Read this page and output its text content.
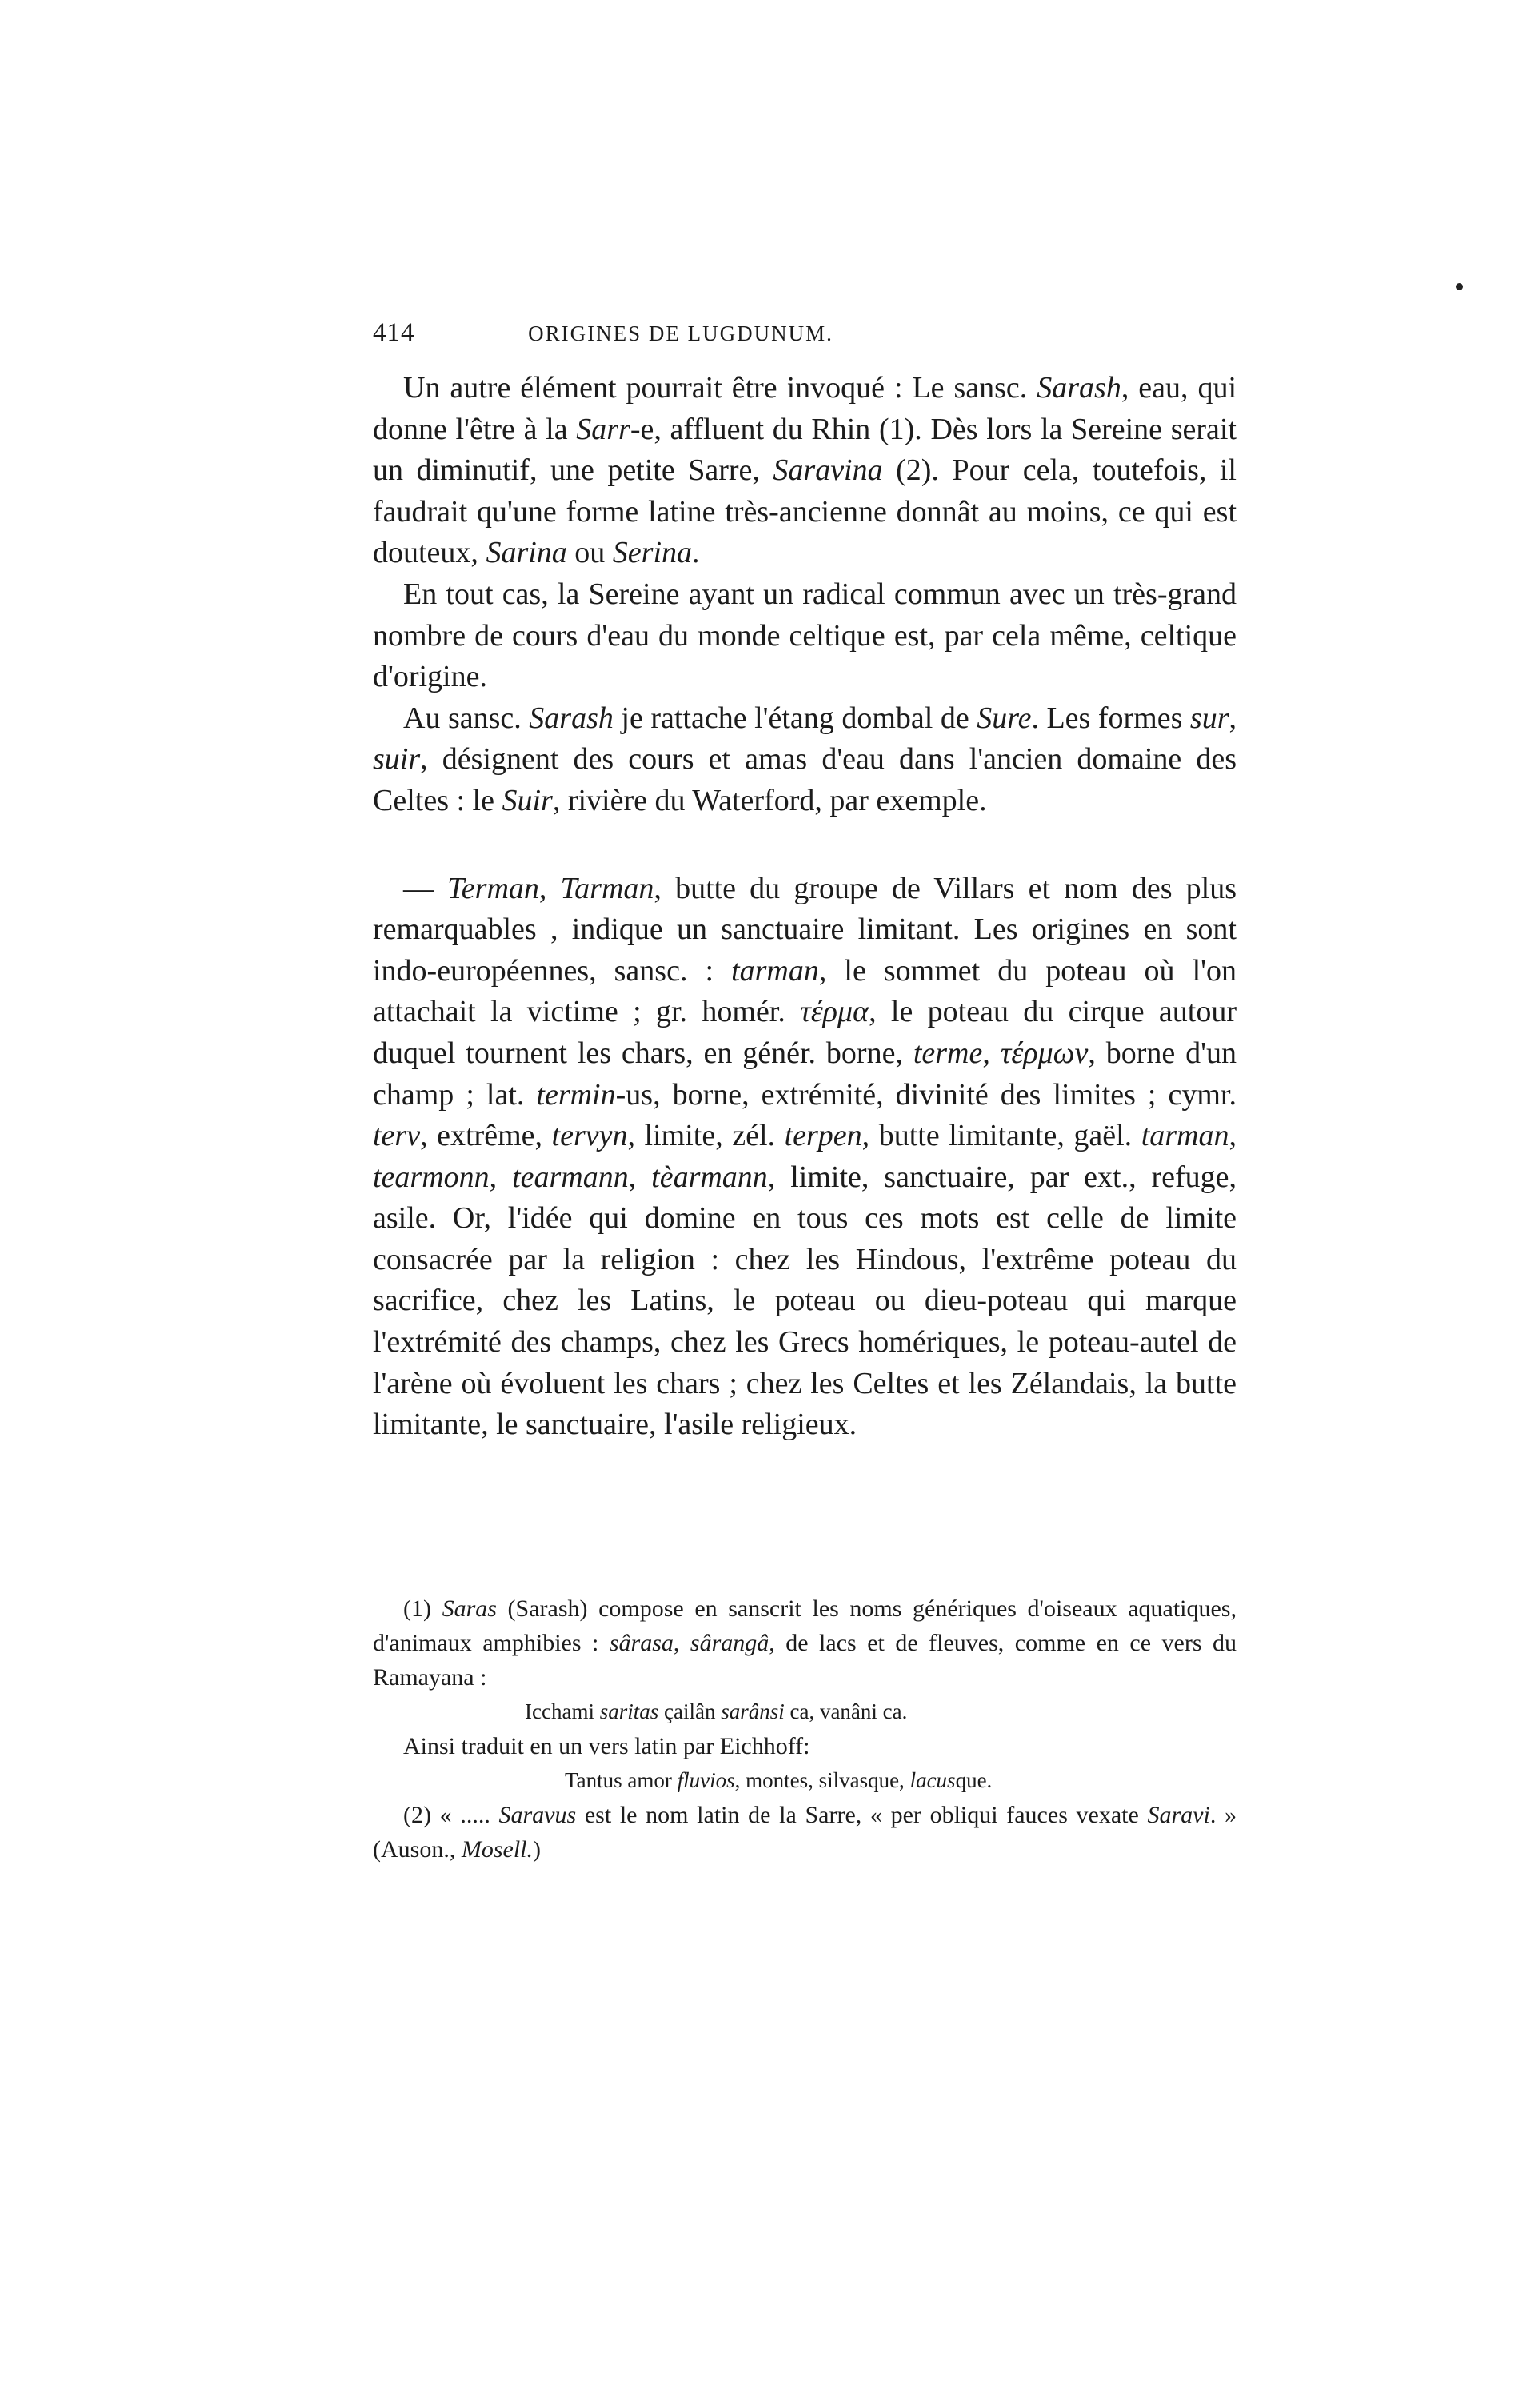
414	ORIGINES DE LUGDUNUM.

Un autre élément pourrait être invoqué : Le sansc. Sarash, eau, qui donne l'être à la Sarr-e, affluent du Rhin (1). Dès lors la Sereine serait un diminutif, une petite Sarre, Saravina (2). Pour cela, toutefois, il faudrait qu'une forme latine très-ancienne donnât au moins, ce qui est douteux, Sarina ou Serina.

En tout cas, la Sereine ayant un radical commun avec un très-grand nombre de cours d'eau du monde celtique est, par cela même, celtique d'origine.

Au sansc. Sarash je rattache l'étang dombal de Sure. Les formes sur, suir, désignent des cours et amas d'eau dans l'ancien domaine des Celtes : le Suir, rivière du Waterford, par exemple.

— Terman, Tarman, butte du groupe de Villars et nom des plus remarquables , indique un sanctuaire limitant. Les origines en sont indo-européennes, sansc. : tarman, le sommet du poteau où l'on attachait la victime ; gr. homér. τέρμα, le poteau du cirque autour duquel tournent les chars, en génér. borne, terme, τέρμων, borne d'un champ ; lat. termin-us, borne, extrémité, divinité des limites ; cymr. terv, extrême, tervyn, limite, zél. terpen, butte limitante, gaël. tarman, tearmonn, tearmann, tèarmann, limite, sanctuaire, par ext., refuge, asile. Or, l'idée qui domine en tous ces mots est celle de limite consacrée par la religion : chez les Hindous, l'extrême poteau du sacrifice, chez les Latins, le poteau ou dieu-poteau qui marque l'extrémité des champs, chez les Grecs homériques, le poteau-autel de l'arène où évoluent les chars ; chez les Celtes et les Zélandais, la butte limitante, le sanctuaire, l'asile religieux.

(1) Saras (Sarash) compose en sanscrit les noms génériques d'oiseaux aquatiques, d'animaux amphibies : sârasa, sârangâ, de lacs et de fleuves, comme en ce vers du Ramayana :

Icchami saritas çailân sarânsi ca, vanâni ca.

Ainsi traduit en un vers latin par Eichhoff:

Tantus amor fluvios, montes, silvasque, lacusque.

(2) « ..... Saravus est le nom latin de la Sarre, « per obliqui fauces vexate Saravi. » (Auson., Mosell.)
